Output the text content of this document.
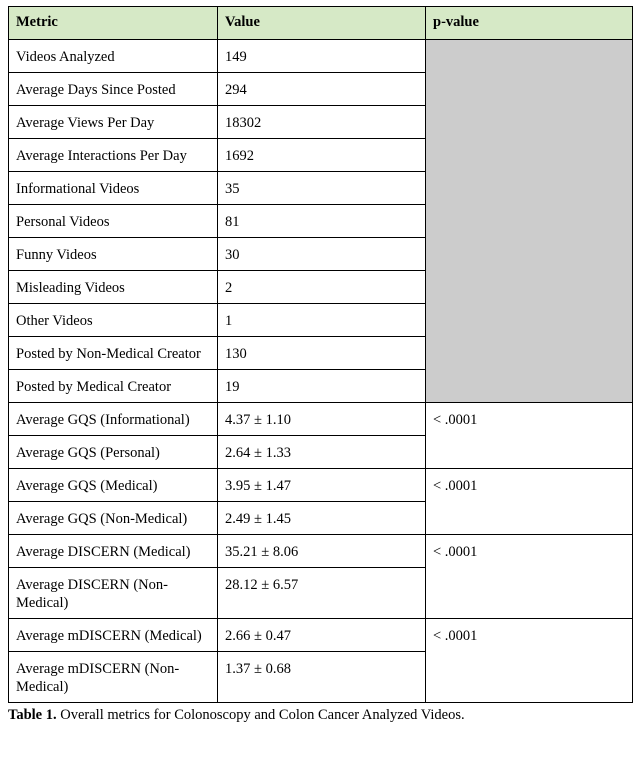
Metric	Value	p-value
Videos Analyzed	149	
Average Days Since Posted	294	
Average Views Per Day	18302	
Average Interactions Per Day	1692	
Informational Videos	35	
Personal Videos	81	
Funny Videos	30	
Misleading Videos	2	
Other Videos	1	
Posted by Non-Medical Creator	130	
Posted by Medical Creator	19	
Average GQS (Informational)	4.37 ± 1.10	< .0001
Average GQS (Personal)	2.64 ± 1.33	
Average GQS (Medical)	3.95 ± 1.47	< .0001
Average GQS (Non-Medical)	2.49 ± 1.45	
Average DISCERN (Medical)	35.21 ± 8.06	< .0001
Average DISCERN (Non-Medical)	28.12 ± 6.57	
Average mDISCERN (Medical)	2.66 ± 0.47	< .0001
Average mDISCERN (Non-Medical)	1.37 ± 0.68	
Table 1. Overall metrics for Colonoscopy and Colon Cancer Analyzed Videos.
